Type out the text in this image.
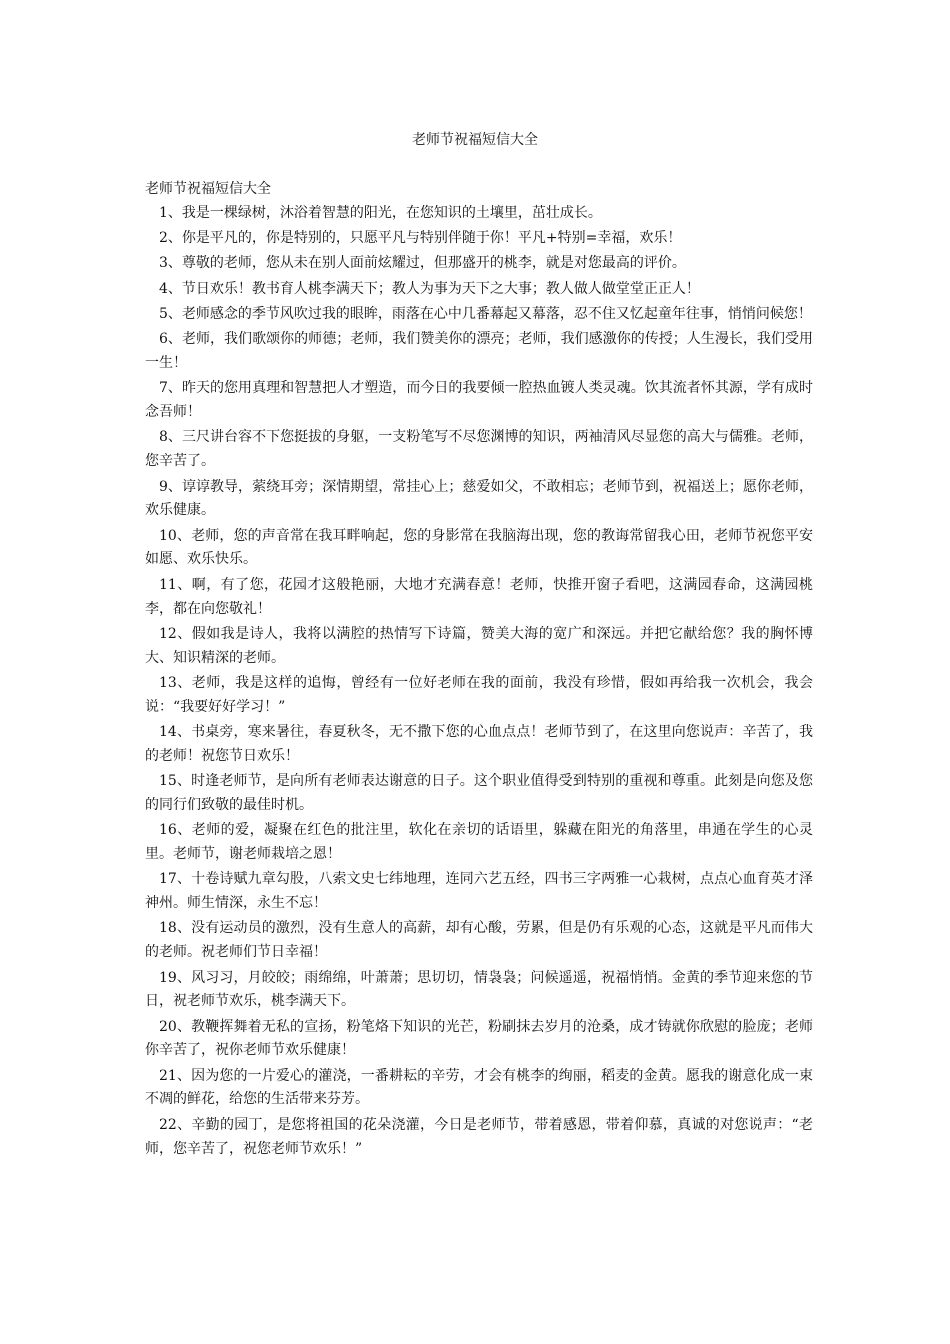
老师节祝福短信大全

老师节祝福短信大全

1、我是一棵绿树，沐浴着智慧的阳光，在您知识的土壤里，茁壮成长。

2、你是平凡的，你是特别的，只愿平凡与特别伴随于你！平凡+特别=幸福，欢乐！

3、尊敬的老师，您从未在别人面前炫耀过，但那盛开的桃李，就是对您最高的评价。

4、节日欢乐！教书育人桃李满天下；教人为事为天下之大事；教人做人做堂堂正正人！

5、老师感念的季节风吹过我的眼眸，雨落在心中几番幕起又幕落，忍不住又忆起童年往事，悄悄问候您！

6、老师，我们歌颂你的师德；老师，我们赞美你的漂亮；老师，我们感激你的传授；人生漫长，我们受用一生！

7、昨天的您用真理和智慧把人才塑造，而今日的我要倾一腔热血镀人类灵魂。饮其流者怀其源，学有成时念吾师！

8、三尺讲台容不下您挺拔的身躯，一支粉笔写不尽您渊博的知识，两袖清风尽显您的高大与儒雅。老师，您辛苦了。

9、谆谆教导，萦绕耳旁；深情期望，常挂心上；慈爱如父，不敢相忘；老师节到，祝福送上；愿你老师，欢乐健康。

10、老师，您的声音常在我耳畔响起，您的身影常在我脑海出现，您的教诲常留我心田，老师节祝您平安如愿、欢乐快乐。

11、啊，有了您，花园才这般艳丽，大地才充满春意！老师，快推开窗子看吧，这满园春命，这满园桃李，都在向您敬礼！

12、假如我是诗人，我将以满腔的热情写下诗篇，赞美大海的宽广和深远。并把它献给您？我的胸怀博大、知识精深的老师。

13、老师，我是这样的追悔，曾经有一位好老师在我的面前，我没有珍惜，假如再给我一次机会，我会说：“我要好好学习！”

14、书桌旁，寒来暑往，春夏秋冬，无不撒下您的心血点点！老师节到了，在这里向您说声：辛苦了，我的老师！祝您节日欢乐！

15、时逢老师节，是向所有老师表达谢意的日子。这个职业值得受到特别的重视和尊重。此刻是向您及您的同行们致敬的最佳时机。

16、老师的爱，凝聚在红色的批注里，软化在亲切的话语里，躲藏在阳光的角落里，串通在学生的心灵里。老师节，谢老师栽培之恩！

17、十卷诗赋九章勾股，八索文史七纬地理，连同六艺五经，四书三字两雅一心栽树，点点心血育英才泽神州。师生情深，永生不忘！

18、没有运动员的激烈，没有生意人的高薪，却有心酸，劳累，但是仍有乐观的心态，这就是平凡而伟大的老师。祝老师们节日幸福！

19、风习习，月皎皎；雨绵绵，叶萧萧；思切切，情袅袅；问候遥遥，祝福悄悄。金黄的季节迎来您的节日，祝老师节欢乐，桃李满天下。

20、教鞭挥舞着无私的宣扬，粉笔烙下知识的光芒，粉刷抹去岁月的沧桑，成才铸就你欣慰的脸庞；老师你辛苦了，祝你老师节欢乐健康！

21、因为您的一片爱心的灌浇，一番耕耘的辛劳，才会有桃李的绚丽，稻麦的金黄。愿我的谢意化成一束不凋的鲜花，给您的生活带来芬芳。

22、辛勤的园丁，是您将祖国的花朵浇灌，今日是老师节，带着感恩，带着仰慕，真诚的对您说声：“老师，您辛苦了，祝您老师节欢乐！”
